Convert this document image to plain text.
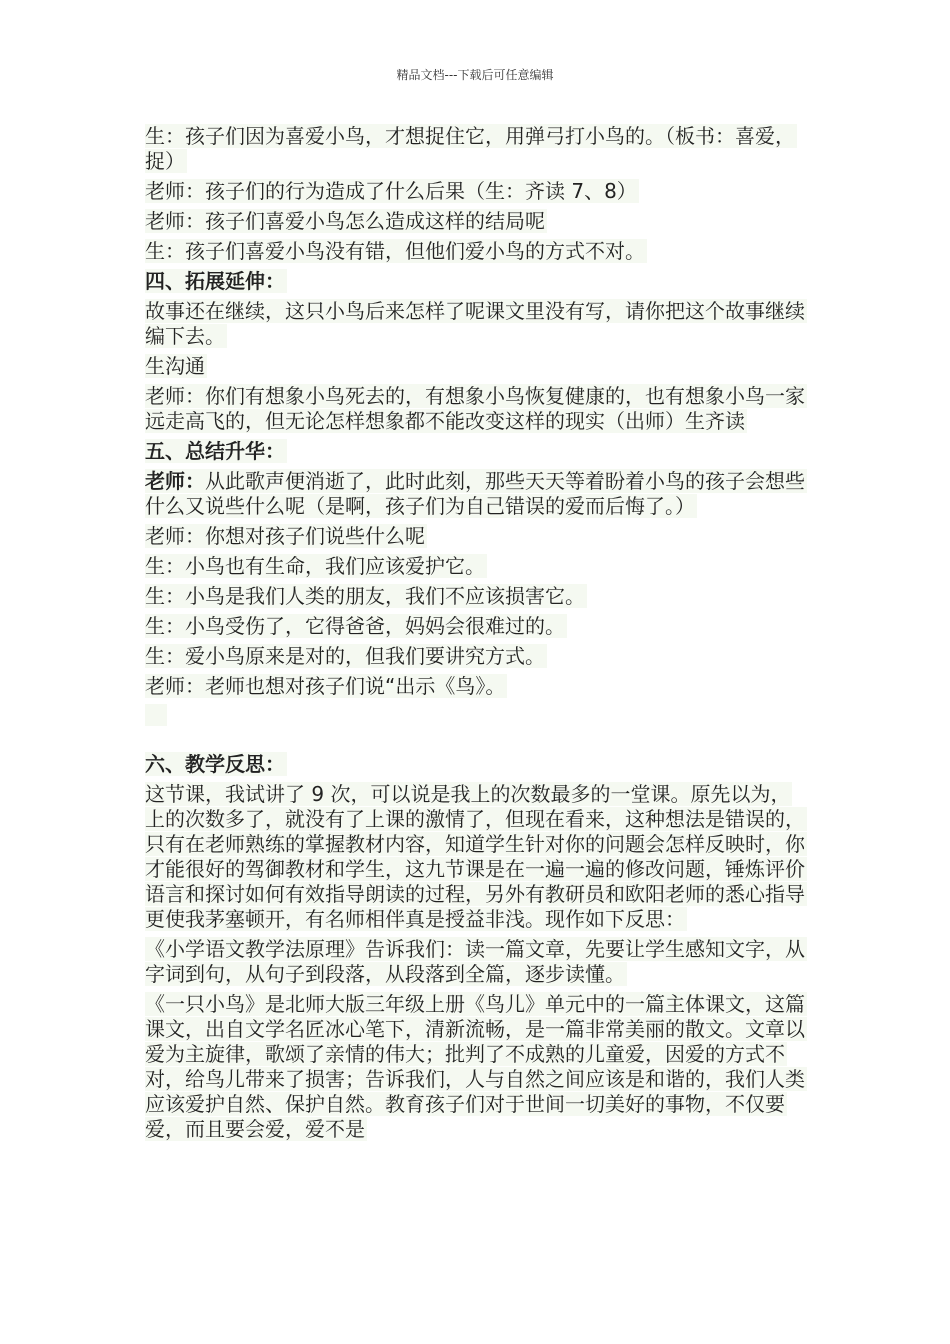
精品文档---下载后可任意编辑

生：孩子们因为喜爱小鸟，才想捉住它，用弹弓打小鸟的。（板书：喜爱，捉）

老师：孩子们的行为造成了什么后果（生：齐读 7、8）

老师：孩子们喜爱小鸟怎么造成这样的结局呢

生：孩子们喜爱小鸟没有错，但他们爱小鸟的方式不对。

四、拓展延伸：

故事还在继续，这只小鸟后来怎样了呢课文里没有写，请你把这个故事继续编下去。

生沟通

老师：你们有想象小鸟死去的，有想象小鸟恢复健康的，也有想象小鸟一家远走高飞的，但无论怎样想象都不能改变这样的现实（出师）生齐读

五、总结升华：

老师：从此歌声便消逝了，此时此刻，那些天天等着盼着小鸟的孩子会想些什么又说些什么呢（是啊，孩子们为自己错误的爱而后悔了。）

老师：你想对孩子们说些什么呢

生：小鸟也有生命，我们应该爱护它。

生：小鸟是我们人类的朋友，我们不应该损害它。

生：小鸟受伤了，它得爸爸，妈妈会很难过的。

生：爱小鸟原来是对的，但我们要讲究方式。

老师：老师也想对孩子们说“出示《鸟》。

六、教学反思：

这节课，我试讲了 9 次，可以说是我上的次数最多的一堂课。原先以为，上的次数多了，就没有了上课的激情了，但现在看来，这种想法是错误的，只有在老师熟练的掌握教材内容，知道学生针对你的问题会怎样反映时，你才能很好的驾御教材和学生，这九节课是在一遍一遍的修改问题，锤炼评价语言和探讨如何有效指导朗读的过程，另外有教研员和欧阳老师的悉心指导更使我茅塞顿开，有名师相伴真是授益非浅。现作如下反思：

《小学语文教学法原理》告诉我们：读一篇文章，先要让学生感知文字，从字词到句，从句子到段落，从段落到全篇，逐步读懂。

《一只小鸟》是北师大版三年级上册《鸟儿》单元中的一篇主体课文，这篇课文，出自文学名匠冰心笔下，清新流畅，是一篇非常美丽的散文。文章以爱为主旋律，歌颂了亲情的伟大；批判了不成熟的儿童爱，因爱的方式不对，给鸟儿带来了损害；告诉我们，人与自然之间应该是和谐的，我们人类应该爱护自然、保护自然。教育孩子们对于世间一切美好的事物，不仅要爱，而且要会爱，爱不是
